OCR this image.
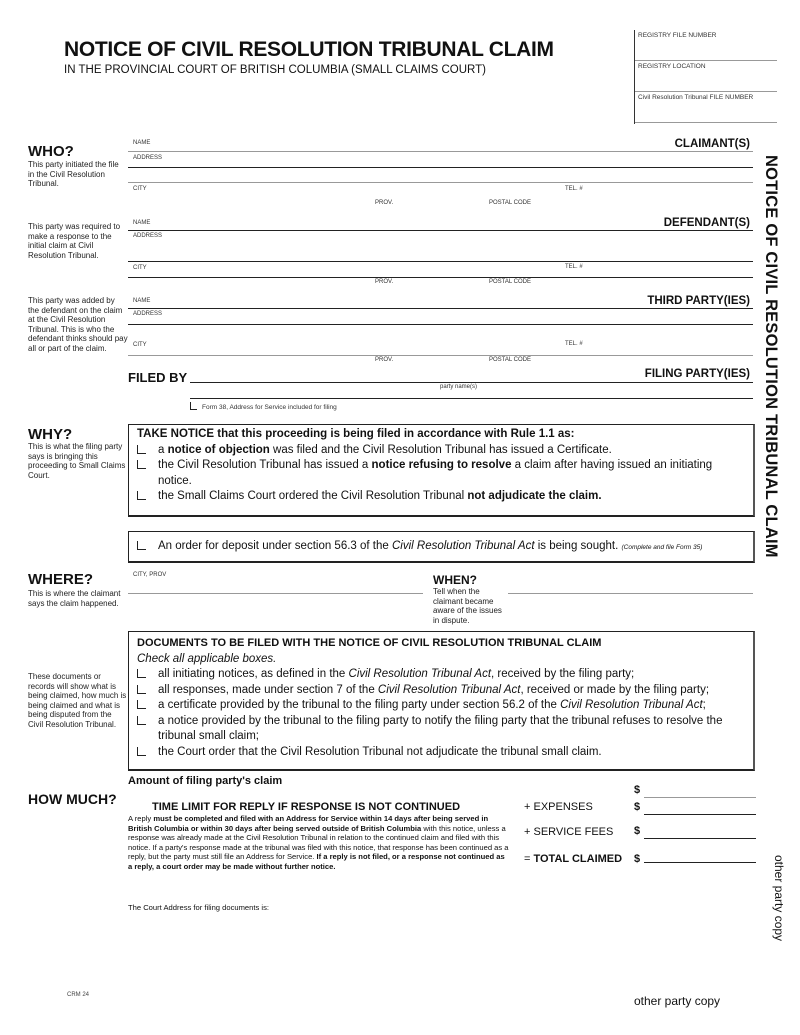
NOTICE OF CIVIL RESOLUTION TRIBUNAL CLAIM
IN THE PROVINCIAL COURT OF BRITISH COLUMBIA (SMALL CLAIMS COURT)
REGISTRY FILE NUMBER
REGISTRY LOCATION
Civil Resolution Tribunal FILE NUMBER
WHO?
This party initiated the file in the Civil Resolution Tribunal.
This party was required to make a response to the initial claim at Civil Resolution Tribunal.
This party was added by the defendant on the claim at the Civil Resolution Tribunal. This is who the defendant thinks should pay all or part of the claim.
NAME	CLAIMANT(S)
ADDRESS
CITY	TEL. #
PROV.	POSTAL CODE
NAME	DEFENDANT(S)
ADDRESS
CITY	TEL. #
PROV.	POSTAL CODE
NAME	THIRD PARTY(IES)
ADDRESS
CITY	TEL. #
PROV.	POSTAL CODE
FILED BY	FILING PARTY(IES)
party name(s)
Form 38, Address for Service included for filing
WHY?
This is what the filing party says is bringing this proceeding to Small Claims Court.
TAKE NOTICE that this proceeding is being filed in accordance with Rule 1.1 as:
a notice of objection was filed and the Civil Resolution Tribunal has issued a Certificate.
the Civil Resolution Tribunal has issued a notice refusing to resolve a claim after having issued an initiating
notice.
the Small Claims Court ordered the Civil Resolution Tribunal not adjudicate the claim.
An order for deposit under section 56.3 of the Civil Resolution Tribunal Act is being sought. (Complete and file Form 35)
WHERE?
This is where the claimant says the claim happened.
CITY, PROV	WHEN?
Tell when the claimant became aware of the issues in dispute.
These documents or records will show what is being claimed, how much is being claimed and what is being disputed from the Civil Resolution Tribunal.
DOCUMENTS TO BE FILED WITH THE NOTICE OF CIVIL RESOLUTION TRIBUNAL CLAIM
Check all applicable boxes.
all initiating notices, as defined in the Civil Resolution Tribunal Act, received by the filing party;
all responses, made under section 7 of the Civil Resolution Tribunal Act, received or made by the filing party;
a certificate provided by the tribunal to the filing party under section 56.2 of the Civil Resolution Tribunal Act;
a notice provided by the tribunal to the filing party to notify the filing party that the tribunal refuses to resolve the
tribunal small claim;
the Court order that the Civil Resolution Tribunal not adjudicate the tribunal small claim.
Amount of filing party's claim
HOW MUCH?
$
+ EXPENSES	$
+ SERVICE FEES $
= TOTAL CLAIMED $
TIME LIMIT FOR REPLY IF RESPONSE IS NOT CONTINUED
A reply must be completed and filed with an Address for Service within 14 days after being served in British Columbia or within 30 days after being served outside of British Columbia with this notice, unless a response was already made at the Civil Resolution Tribunal in relation to the continued claim and filed with this notice. If a party's response made at the tribunal was filed with this notice, that response has been continued as a reply, but the party must still file an Address for Service. If a reply is not filed, or a response not continued as a reply, a court order may be made without further notice.
The Court Address for filing documents is:
NOTICE OF CIVIL RESOLUTION TRIBUNAL CLAIM
other party copy
CRM 24	other party copy
